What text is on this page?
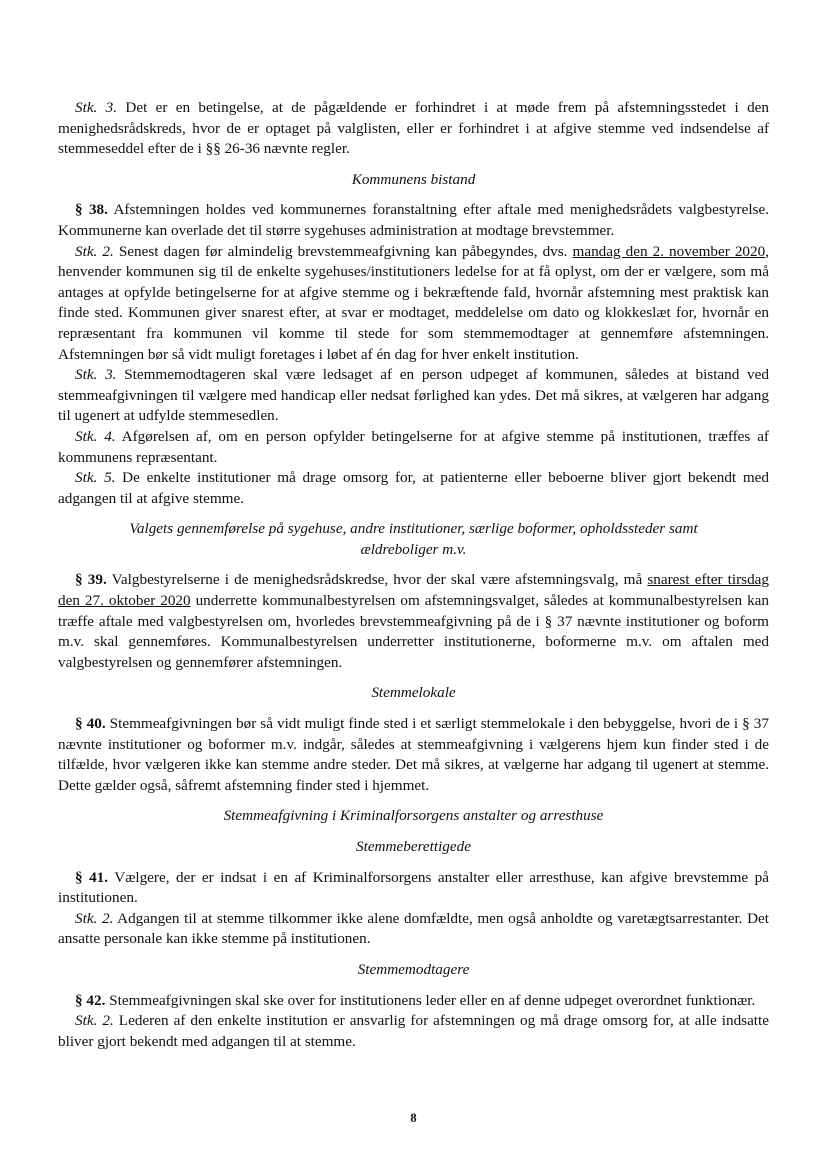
Stk. 3. Det er en betingelse, at de pågældende er forhindret i at møde frem på afstemningsstedet i den menighedsrådskreds, hvor de er optaget på valglisten, eller er forhindret i at afgive stemme ved indsendelse af stemmeseddel efter de i §§ 26-36 nævnte regler.

Kommunens bistand

§ 38. Afstemningen holdes ved kommunernes foranstaltning efter aftale med menighedsrådets valgbestyrelse. Kommunerne kan overlade det til større sygehuses administration at modtage brevstemmer.

Stk. 2. Senest dagen før almindelig brevstemmeafgivning kan påbegyndes, dvs. mandag den 2. november 2020, henvender kommunen sig til de enkelte sygehuses/institutioners ledelse for at få oplyst, om der er vælgere, som må antages at opfylde betingelserne for at afgive stemme og i bekræftende fald, hvornår afstemning mest praktisk kan finde sted. Kommunen giver snarest efter, at svar er modtaget, meddelelse om dato og klokkeslæt for, hvornår en repræsentant fra kommunen vil komme til stede for som stemmemodtager at gennemføre afstemningen. Afstemningen bør så vidt muligt foretages i løbet af én dag for hver enkelt institution.

Stk. 3. Stemmemodtageren skal være ledsaget af en person udpeget af kommunen, således at bistand ved stemmeafgivningen til vælgere med handicap eller nedsat førlighed kan ydes. Det må sikres, at vælgeren har adgang til ugenert at udfylde stemmesedlen.

Stk. 4. Afgørelsen af, om en person opfylder betingelserne for at afgive stemme på institutionen, træffes af kommunens repræsentant.

Stk. 5. De enkelte institutioner må drage omsorg for, at patienterne eller beboerne bliver gjort bekendt med adgangen til at afgive stemme.

Valgets gennemførelse på sygehuse, andre institutioner, særlige boformer, opholdssteder samt
ældreboliger m.v.

§ 39. Valgbestyrelserne i de menighedsrådskredse, hvor der skal være afstemningsvalg, må snarest efter tirsdag den 27. oktober 2020 underrette kommunalbestyrelsen om afstemningsvalget, således at kommunalbestyrelsen kan træffe aftale med valgbestyrelsen om, hvorledes brevstemmeafgivning på de i § 37 nævnte institutioner og boform m.v. skal gennemføres. Kommunalbestyrelsen underretter institutionerne, boformerne m.v. om aftalen med valgbestyrelsen og gennemfører afstemningen.

Stemmelokale

§ 40. Stemmeafgivningen bør så vidt muligt finde sted i et særligt stemmelokale i den bebyggelse, hvori de i § 37 nævnte institutioner og boformer m.v. indgår, således at stemmeafgivning i vælgerens hjem kun finder sted i de tilfælde, hvor vælgeren ikke kan stemme andre steder. Det må sikres, at vælgerne har adgang til ugenert at stemme. Dette gælder også, såfremt afstemning finder sted i hjemmet.

Stemmeafgivning i Kriminalforsorgens anstalter og arresthuse
Stemmeberettigede

§ 41. Vælgere, der er indsat i en af Kriminalforsorgens anstalter eller arresthuse, kan afgive brevstemme på institutionen.

Stk. 2. Adgangen til at stemme tilkommer ikke alene domfældte, men også anholdte og varetægtsarrestanter. Det ansatte personale kan ikke stemme på institutionen.

Stemmemodtagere

§ 42. Stemmeafgivningen skal ske over for institutionens leder eller en af denne udpeget overordnet funktionær.

Stk. 2. Lederen af den enkelte institution er ansvarlig for afstemningen og må drage omsorg for, at alle indsatte bliver gjort bekendt med adgangen til at stemme.

8
